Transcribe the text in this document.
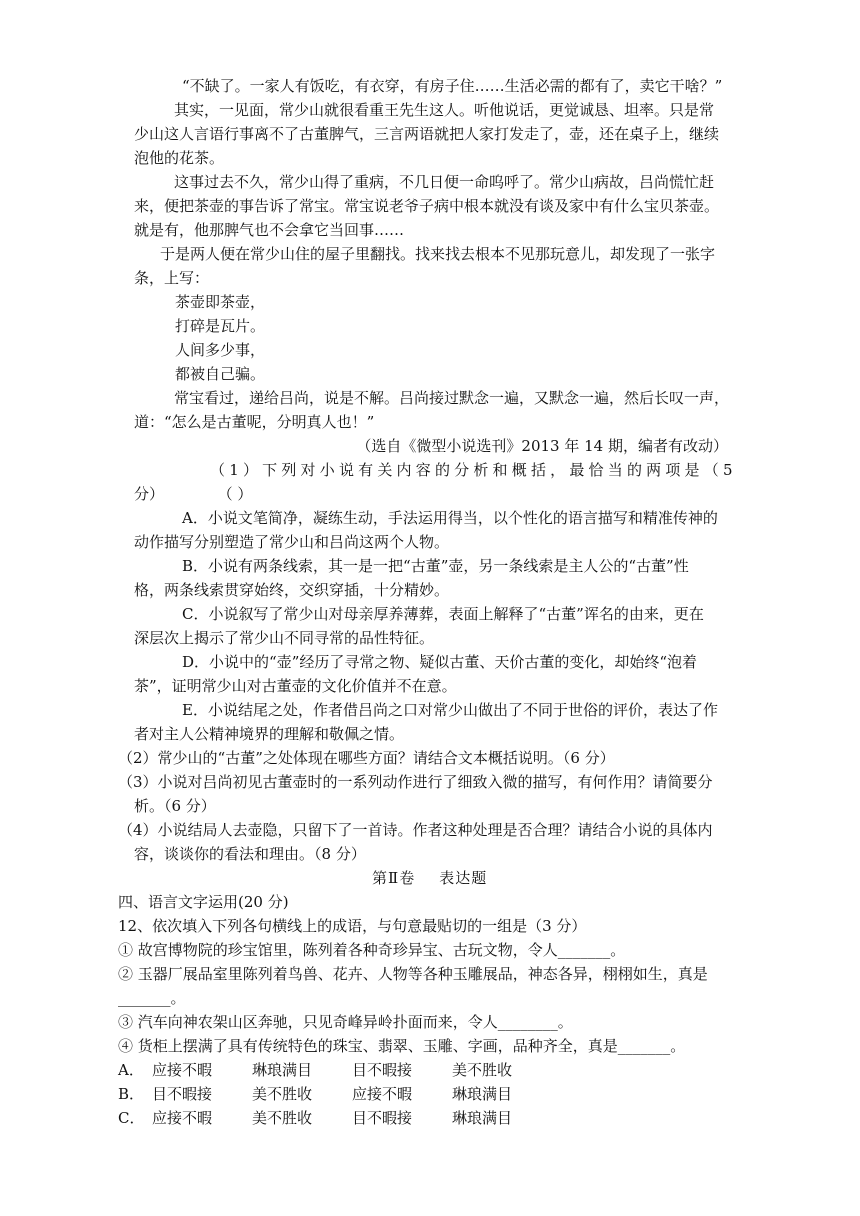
“不缺了。一家人有饭吃，有衣穿，有房子住……生活必需的都有了，卖它干啥？”
其实，一见面，常少山就很看重王先生这人。听他说话，更觉诚恳、坦率。只是常
少山这人言语行事离不了古董脾气，三言两语就把人家打发走了，壶，还在桌子上，继续
泡他的花茶。
这事过去不久，常少山得了重病，不几日便一命呜呼了。常少山病故，吕尚慌忙赶
来，便把茶壶的事告诉了常宝。常宝说老爷子病中根本就没有谈及家中有什么宝贝茶壶。
就是有，他那脾气也不会拿它当回事……
于是两人便在常少山住的屋子里翻找。找来找去根本不见那玩意儿，却发现了一张字
条，上写：
茶壶即茶壶，
打碎是瓦片。
人间多少事，
都被自己骗。
常宝看过，递给吕尚，说是不解。吕尚接过默念一遍，又默念一遍，然后长叹一声，
道：“怎么是古董呢，分明真人也！”
（选自《微型小说选刊》2013 年 14 期，编者有改动）
（1）下列对小说有关内容的分析和概括，最恰当的两项是（5
分）	（ ）
A．小说文笔简净，凝练生动，手法运用得当，以个性化的语言描写和精准传神的
动作描写分别塑造了常少山和吕尚这两个人物。
B．小说有两条线索，其一是一把“古董”壶，另一条线索是主人公的“古董”性
格，两条线索贯穿始终，交织穿插，十分精妙。
C．小说叙写了常少山对母亲厚养薄葬，表面上解释了“古董”诨名的由来，更在
深层次上揭示了常少山不同寻常的品性特征。
D．小说中的“壶”经历了寻常之物、疑似古董、天价古董的变化，却始终“泡着
茶”，证明常少山对古董壶的文化价值并不在意。
E．小说结尾之处，作者借吕尚之口对常少山做出了不同于世俗的评价，表达了作
者对主人公精神境界的理解和敬佩之情。
（2）常少山的“古董”之处体现在哪些方面？请结合文本概括说明。（6 分）
（3）小说对吕尚初见古董壶时的一系列动作进行了细致入微的描写，有何作用？请简要分
析。（6 分）
（4）小说结局人去壶隐，只留下了一首诗。作者这种处理是否合理？请结合小说的具体内
容，谈谈你的看法和理由。（8 分）
第Ⅱ卷 表达题
四、语言文字运用(20 分)
12、依次填入下列各句横线上的成语，与句意最贴切的一组是（3 分）
① 故宫博物院的珍宝馆里，陈列着各种奇珍异宝、古玩文物，令人_______。
② 玉器厂展品室里陈列着鸟兽、花卉、人物等各种玉雕展品，神态各异，栩栩如生，真是
_______。
③ 汽车向神农架山区奔驰，只见奇峰异岭扑面而来，令人________。
④ 货柜上摆满了具有传统特色的珠宝、翡翠、玉雕、字画，品种齐全，真是_______。
A． 应接不暇	琳琅满目	目不暇接	美不胜收
B． 目不暇接	美不胜收	应接不暇	琳琅满目
C． 应接不暇	美不胜收	目不暇接	琳琅满目
